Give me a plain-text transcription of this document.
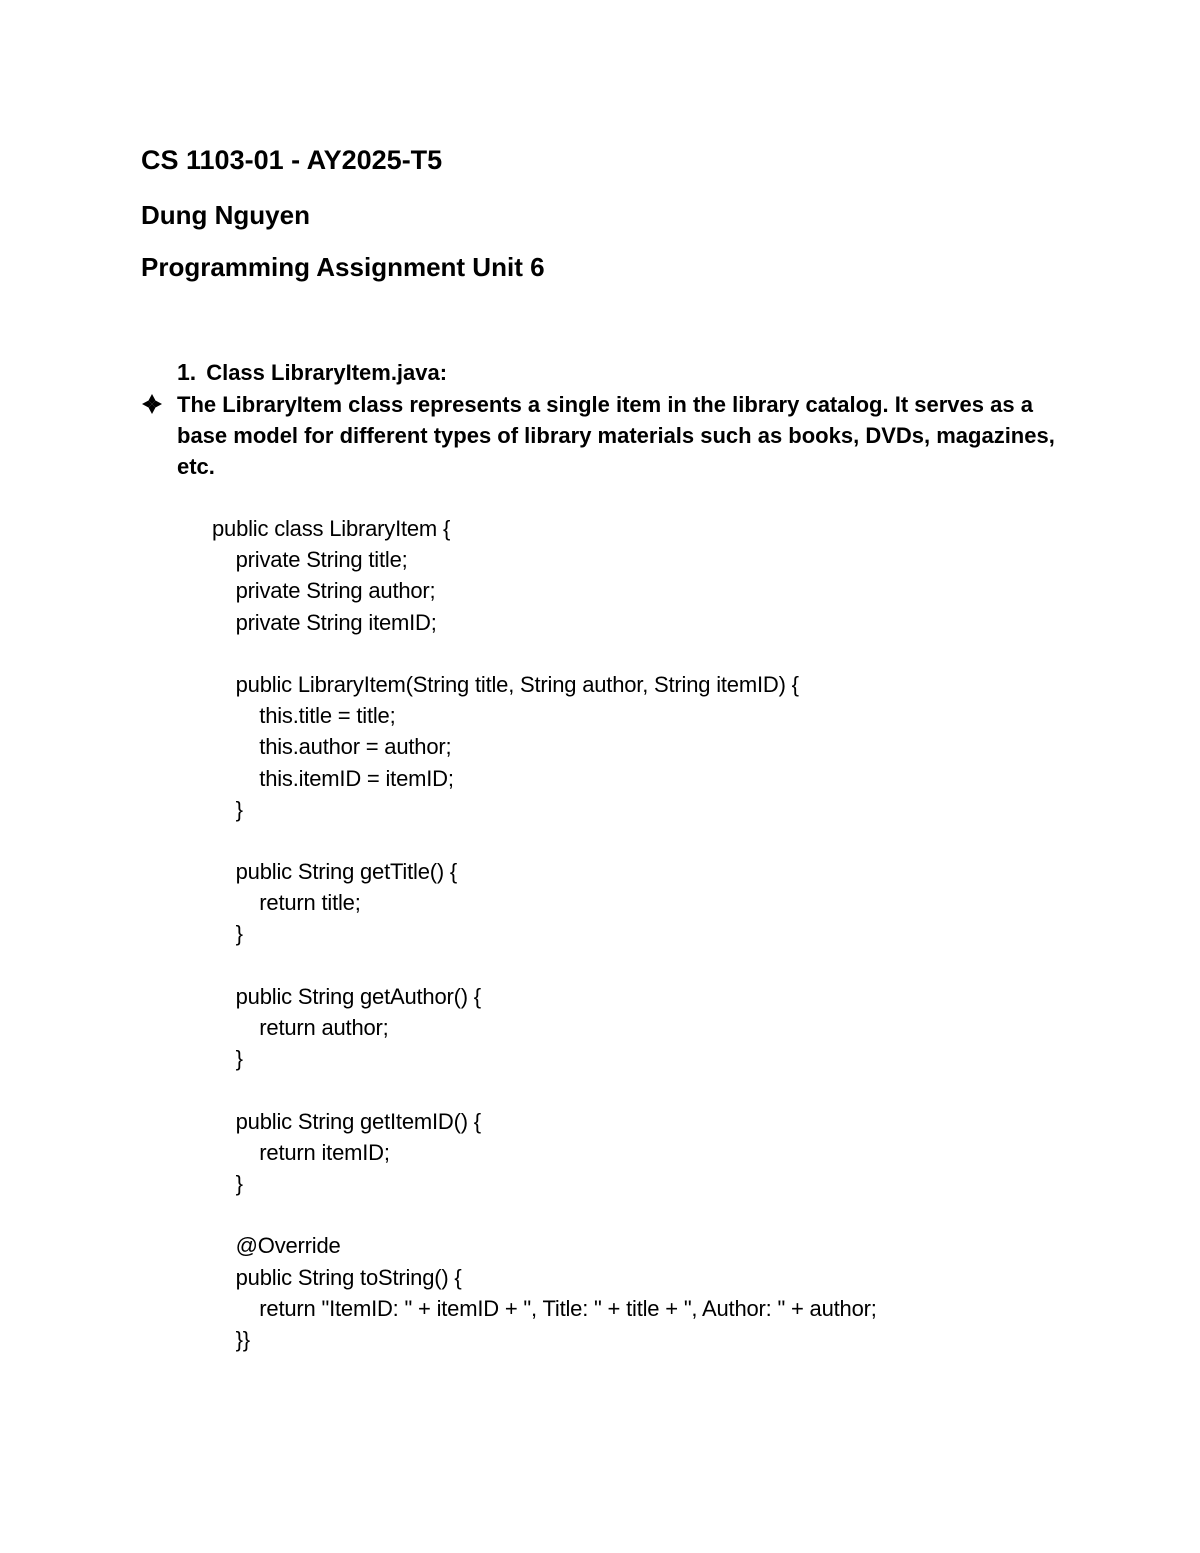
CS 1103-01 - AY2025-T5
Dung Nguyen
Programming Assignment Unit 6
1. Class LibraryItem.java:
The LibraryItem class represents a single item in the library catalog. It serves as a base model for different types of library materials such as books, DVDs, magazines, etc.
public class LibraryItem {
private String title;
private String author;
private String itemID;

public LibraryItem(String title, String author, String itemID) {
this.title = title;
this.author = author;
this.itemID = itemID;
}

public String getTitle() {
return title;
}

public String getAuthor() {
return author;
}

public String getItemID() {
return itemID;
}

@Override
public String toString() {
return "ItemID: " + itemID + ", Title: " + title + ", Author: " + author;
}}
